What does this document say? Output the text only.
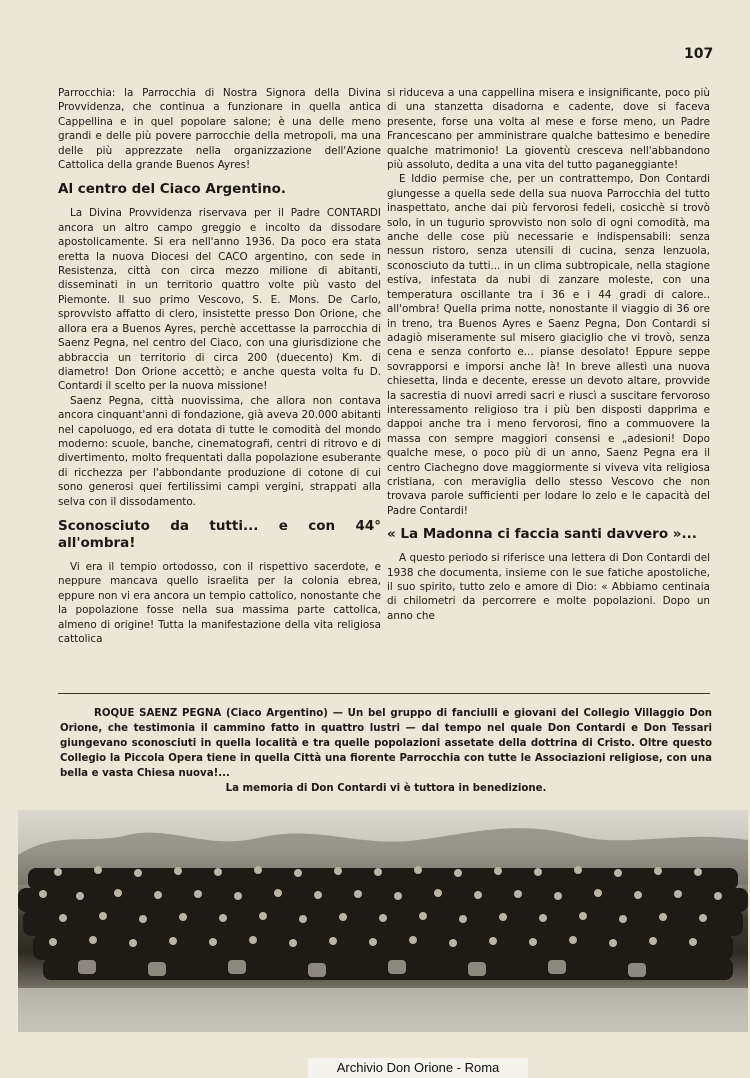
107

Parrocchia: la Parrocchia di Nostra Signora della Divina Provvidenza, che continua a funzionare in quella antica Cappellina e in quel popolare salone; è una delle meno grandi e delle più povere parrocchie della metropoli, ma una delle più apprezzate nella organizzazione dell'Azione Cattolica della grande Buenos Ayres!

Al centro del Ciaco Argentino.

La Divina Provvidenza riservava per il Padre CONTARDI ancora un altro campo greggio e incolto da dissodare apostolicamente. Si era nell'anno 1936. Da poco era stata eretta la nuova Diocesi del CACO argentino, con sede in Resistenza, città con circa mezzo milione di abitanti, disseminati in un territorio quattro volte più vasto del Piemonte. Il suo primo Vescovo, S. E. Mons. De Carlo, sprovvisto affatto di clero, insistette presso Don Orione, che allora era a Buenos Ayres, perchè accettasse la parrocchia di Saenz Pegna, nel centro del Ciaco, con una giurisdizione che abbraccia un territorio di circa 200 (duecento) Km. di diametro! Don Orione accettò; e anche questa volta fu D. Contardi il scelto per la nuova missione!

Saenz Pegna, città nuovissima, che allora non contava ancora cinquant'anni di fondazione, già aveva 20.000 abitanti nel capoluogo, ed era dotata di tutte le comodità del mondo moderno: scuole, banche, cinematografi, centri di ritrovo e di divertimento, molto frequentati dalla popolazione esuberante di ricchezza per l'abbondante produzione di cotone di cui sono generosi quei fertilissimi campi vergini, strappati alla selva con il dissodamento.

Sconosciuto da tutti... e con 44° all'ombra!

Vi era il tempio ortodosso, con il rispettivo sacerdote, e neppure mancava quello israelita per la colonia ebrea, eppure non vi era ancora un tempio cattolico, nonostante che la popolazione fosse nella sua massima parte cattolica, almeno di origine! Tutta la manifestazione della vita religiosa cattolica

si riduceva a una cappellina misera e insignificante, poco più di una stanzetta disadorna e cadente, dove si faceva presente, forse una volta al mese e forse meno, un Padre Francescano per amministrare qualche battesimo e benedire qualche matrimonio! La gioventù cresceva nell'abbandono più assoluto, dedita a una vita del tutto paganeggiante!

E Iddio permise che, per un contrattempo, Don Contardi giungesse a quella sede della sua nuova Parrocchia del tutto inaspettato, anche dai più fervorosi fedeli, cosicchè si trovò solo, in un tugurio sprovvisto non solo di ogni comodità, ma anche delle cose più necessarie e indispensabili: senza nessun ristoro, senza utensili di cucina, senza lenzuola, sconosciuto da tutti... in un clima subtropicale, nella stagione estiva, infestata da nubi di zanzare moleste, con una temperatura oscillante tra i 36 e i 44 gradi di calore.. all'ombra! Quella prima notte, nonostante il viaggio di 36 ore in treno, tra Buenos Ayres e Saenz Pegna, Don Contardi si adagiò miseramente sul misero giaciglio che vi trovò, senza cena e senza conforto e... pianse desolato! Eppure seppe sovrapporsi e imporsi anche là! In breve allestì una nuova chiesetta, linda e decente, eresse un devoto altare, provvide la sacrestia di nuovi arredi sacri e riuscì a suscitare fervoroso interessamento religioso tra i più ben disposti dapprima e dappoi anche tra i meno fervorosi, fino a commuovere la massa con sempre maggiori consensi e „adesioni! Dopo qualche mese, o poco più di un anno, Saenz Pegna era il centro Ciachegno dove maggiormente si viveva vita religiosa cristiana, con meraviglia dello stesso Vescovo che non trovava parole sufficienti per lodare lo zelo e le capacità del Padre Contardi!

« La Madonna ci faccia santi davvero »...

A questo periodo si riferisce una lettera di Don Contardi del 1938 che documenta, insieme con le sue fatiche apostoliche, il suo spirito, tutto zelo e amore di Dio: « Abbiamo centinaia di chilometri da percorrere e molte popolazioni. Dopo un anno che

ROQUE SAENZ PEGNA (Ciaco Argentino) — Un bel gruppo di fanciulli e giovani del Collegio Villaggio Don Orione, che testimonia il cammino fatto in quattro lustri — dal tempo nel quale Don Contardi e Don Tessari giungevano sconosciuti in quella località e tra quelle popolazioni assetate della dottrina di Cristo. Oltre questo Collegio la Piccola Opera tiene in quella Città una fiorente Parrocchia con tutte le Associazioni religiose, con una bella e vasta Chiesa nuova!...

La memoria di Don Contardi vi è tuttora in benedizione.

Archivio Don Orione - Roma
